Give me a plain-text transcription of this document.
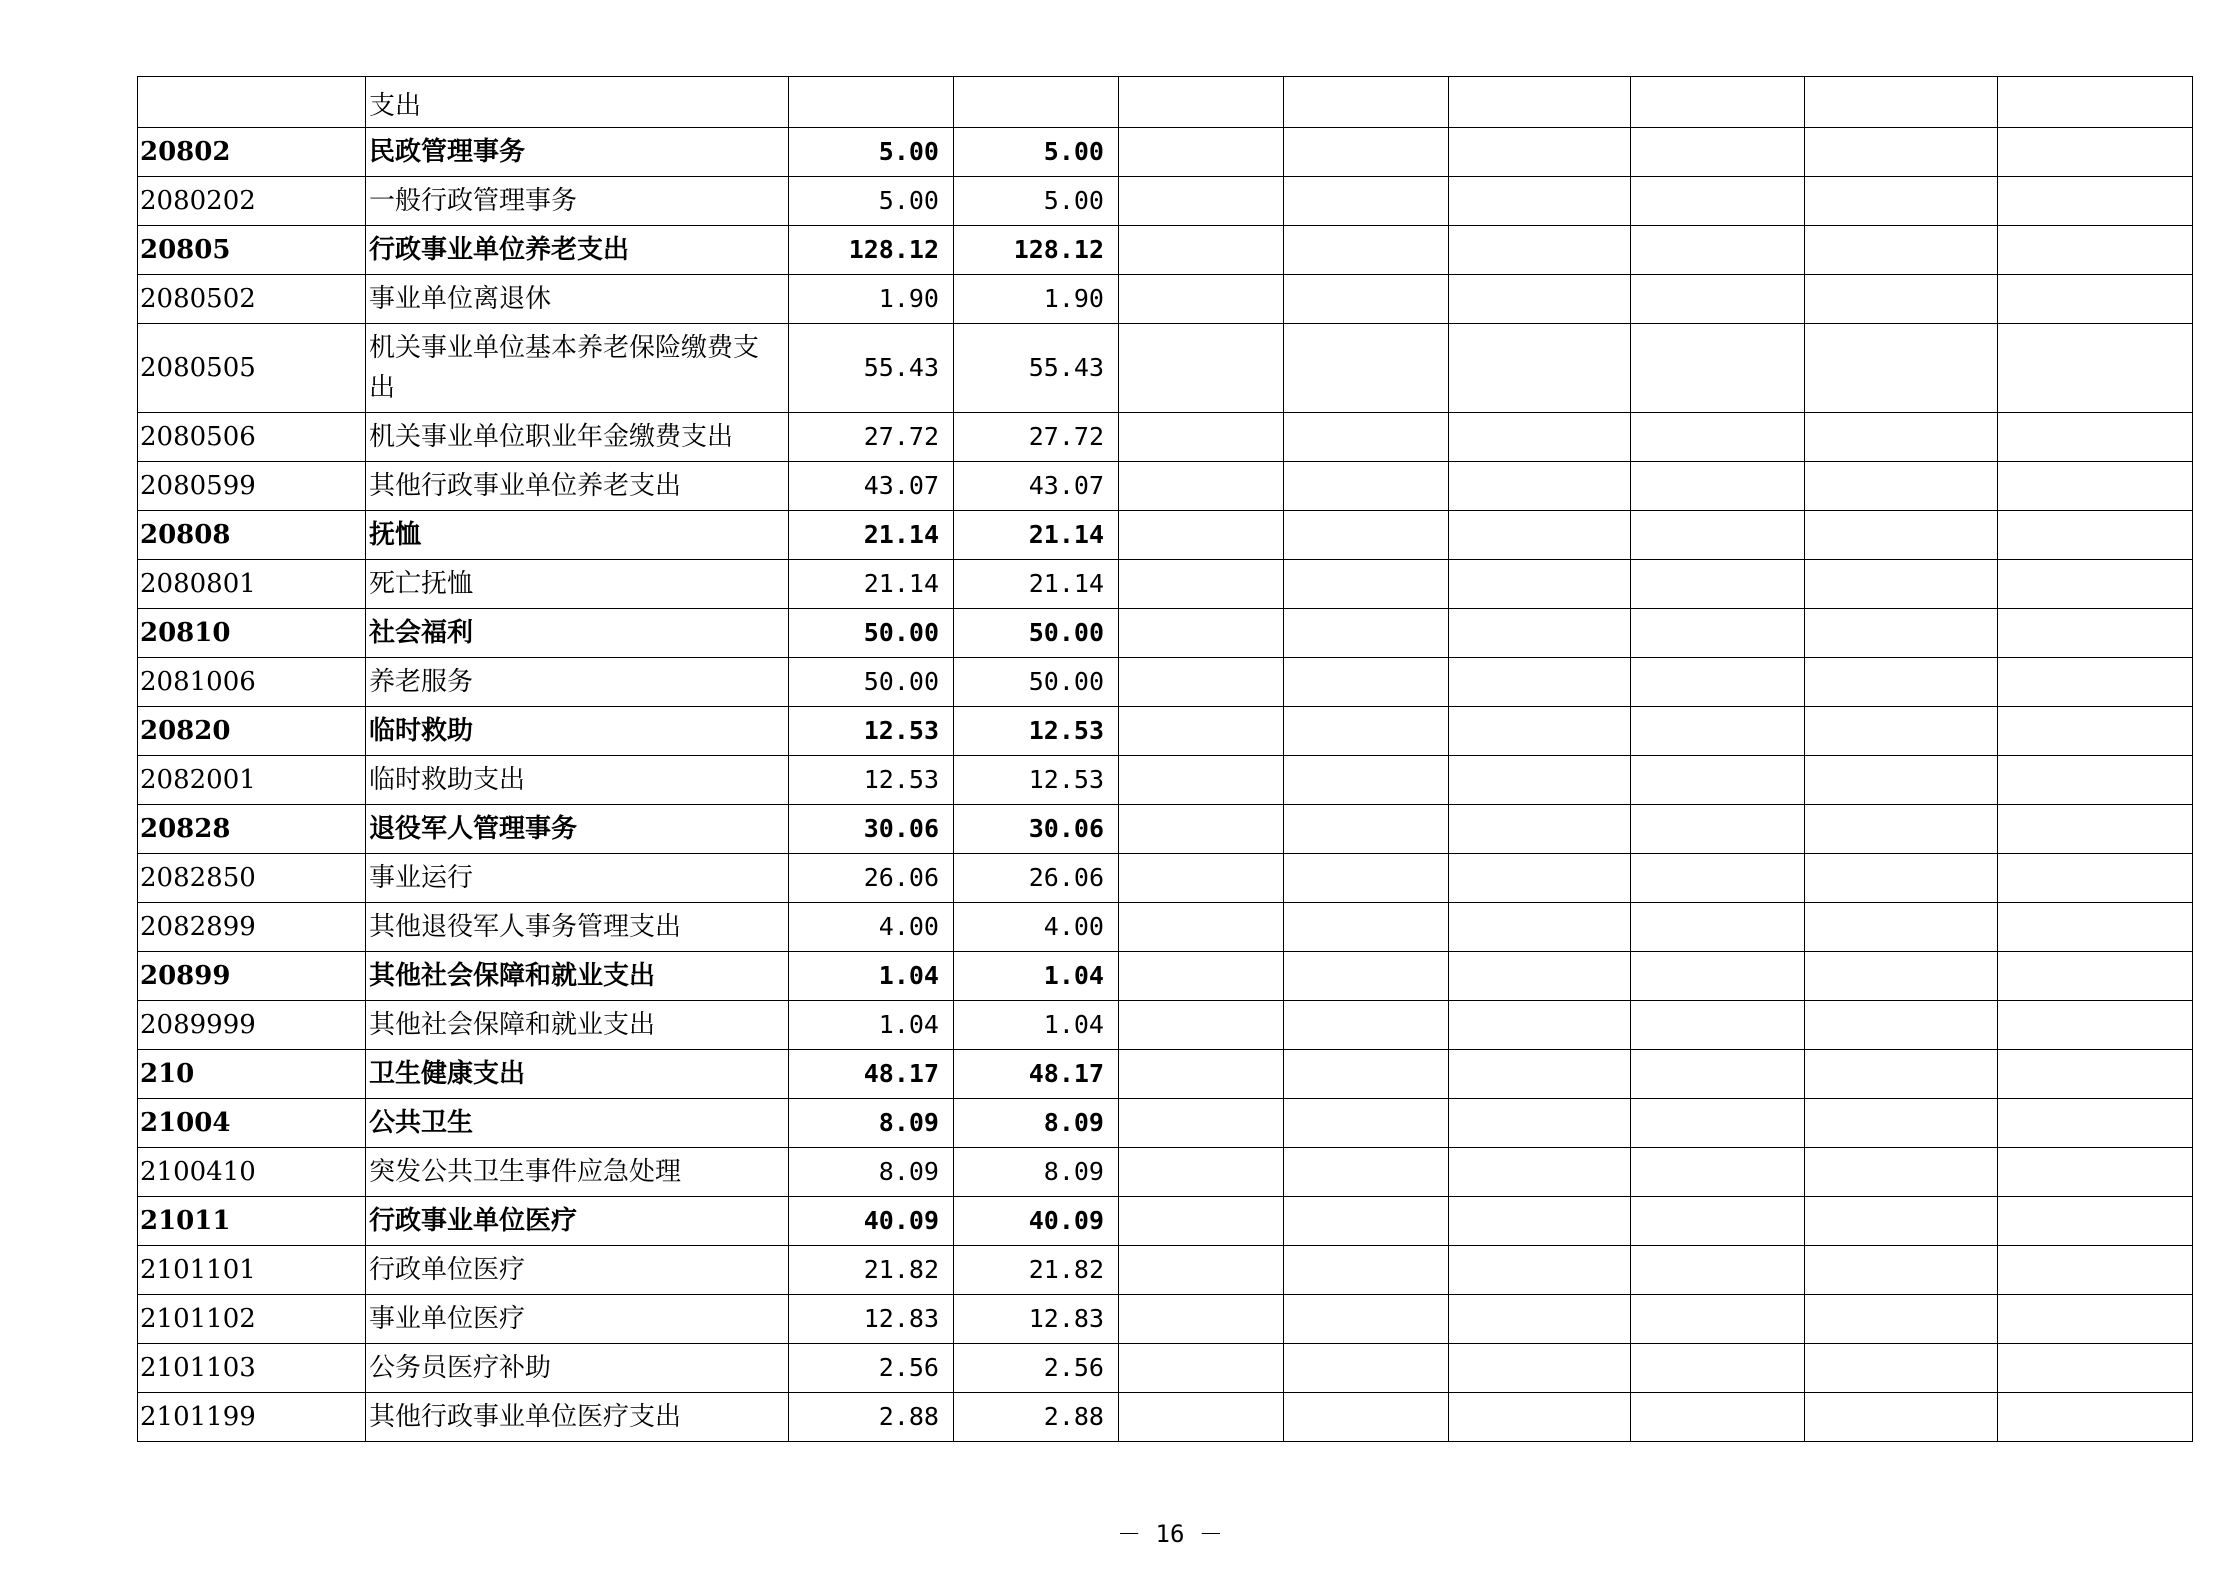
	支出								
20802	民政管理事务	5.00	5.00						
2080202	一般行政管理事务	5.00	5.00						
20805	行政事业单位养老支出	128.12	128.12						
2080502	事业单位离退休	1.90	1.90						
2080505	机关事业单位基本养老保险缴费支出	55.43	55.43						
2080506	机关事业单位职业年金缴费支出	27.72	27.72						
2080599	其他行政事业单位养老支出	43.07	43.07						
20808	抚恤	21.14	21.14						
2080801	死亡抚恤	21.14	21.14						
20810	社会福利	50.00	50.00						
2081006	养老服务	50.00	50.00						
20820	临时救助	12.53	12.53						
2082001	临时救助支出	12.53	12.53						
20828	退役军人管理事务	30.06	30.06						
2082850	事业运行	26.06	26.06						
2082899	其他退役军人事务管理支出	4.00	4.00						
20899	其他社会保障和就业支出	1.04	1.04						
2089999	其他社会保障和就业支出	1.04	1.04						
210	卫生健康支出	48.17	48.17						
21004	公共卫生	8.09	8.09						
2100410	突发公共卫生事件应急处理	8.09	8.09						
21011	行政事业单位医疗	40.09	40.09						
2101101	行政单位医疗	21.82	21.82						
2101102	事业单位医疗	12.83	12.83						
2101103	公务员医疗补助	2.56	2.56						
2101199	其他行政事业单位医疗支出	2.88	2.88						
－ 16 －
